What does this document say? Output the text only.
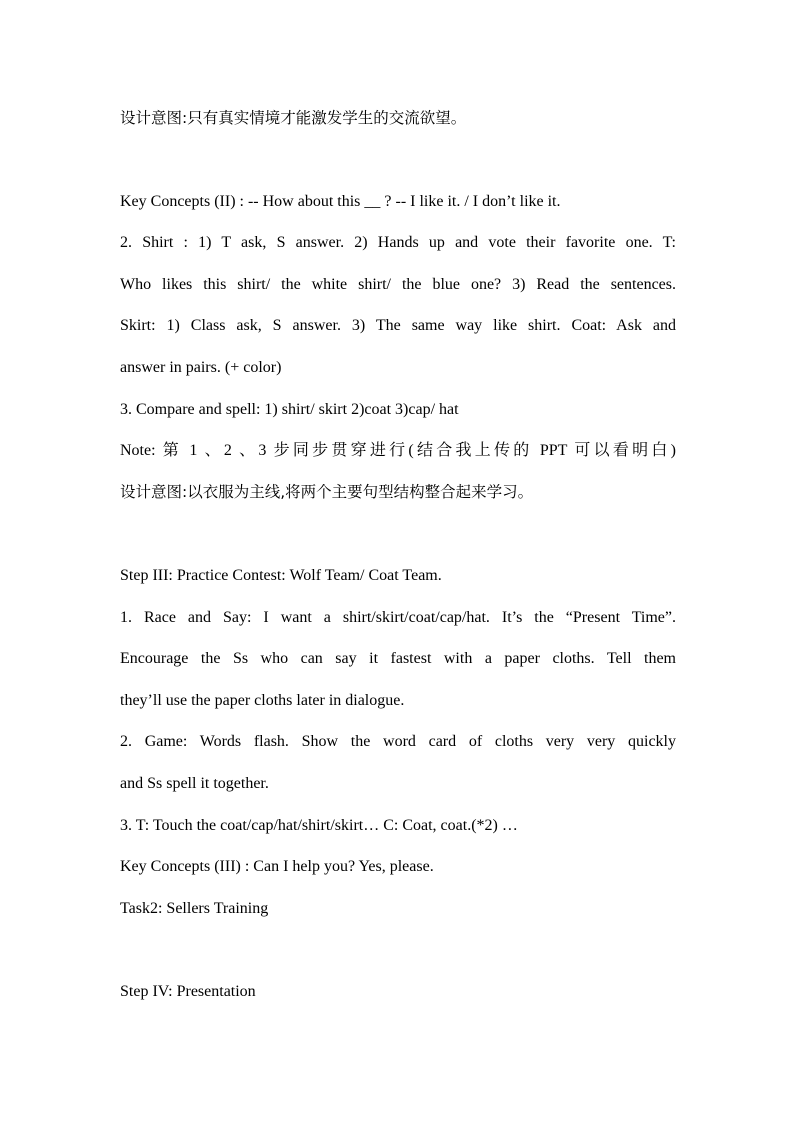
设计意图:只有真实情境才能激发学生的交流欲望。
Key Concepts (II) : -- How about this __ ? -- I like it. / I don’t like it.
2. Shirt : 1) T ask, S answer. 2) Hands up and vote their favorite one. T:
Who likes this shirt/ the white shirt/ the blue one? 3) Read the sentences.
Skirt: 1) Class ask, S answer. 3) The same way like shirt. Coat: Ask and
answer in pairs. (+ color)
3. Compare and spell: 1) shirt/ skirt 2)coat 3)cap/ hat
Note: 第 1 、2 、3 步同步贯穿进行(结合我上传的 PPT 可以看明白)
设计意图:以衣服为主线,将两个主要句型结构整合起来学习。
Step III: Practice Contest: Wolf Team/ Coat Team.
1. Race and Say: I want a shirt/skirt/coat/cap/hat. It’s the “Present Time”.
Encourage the Ss who can say it fastest with a paper cloths. Tell them
they’ll use the paper cloths later in dialogue.
2. Game: Words flash. Show the word card of cloths very very quickly
and Ss spell it together.
3. T: Touch the coat/cap/hat/shirt/skirt… C: Coat, coat.(*2) …
Key Concepts (III) : Can I help you? Yes, please.
Task2: Sellers Training
Step IV: Presentation
